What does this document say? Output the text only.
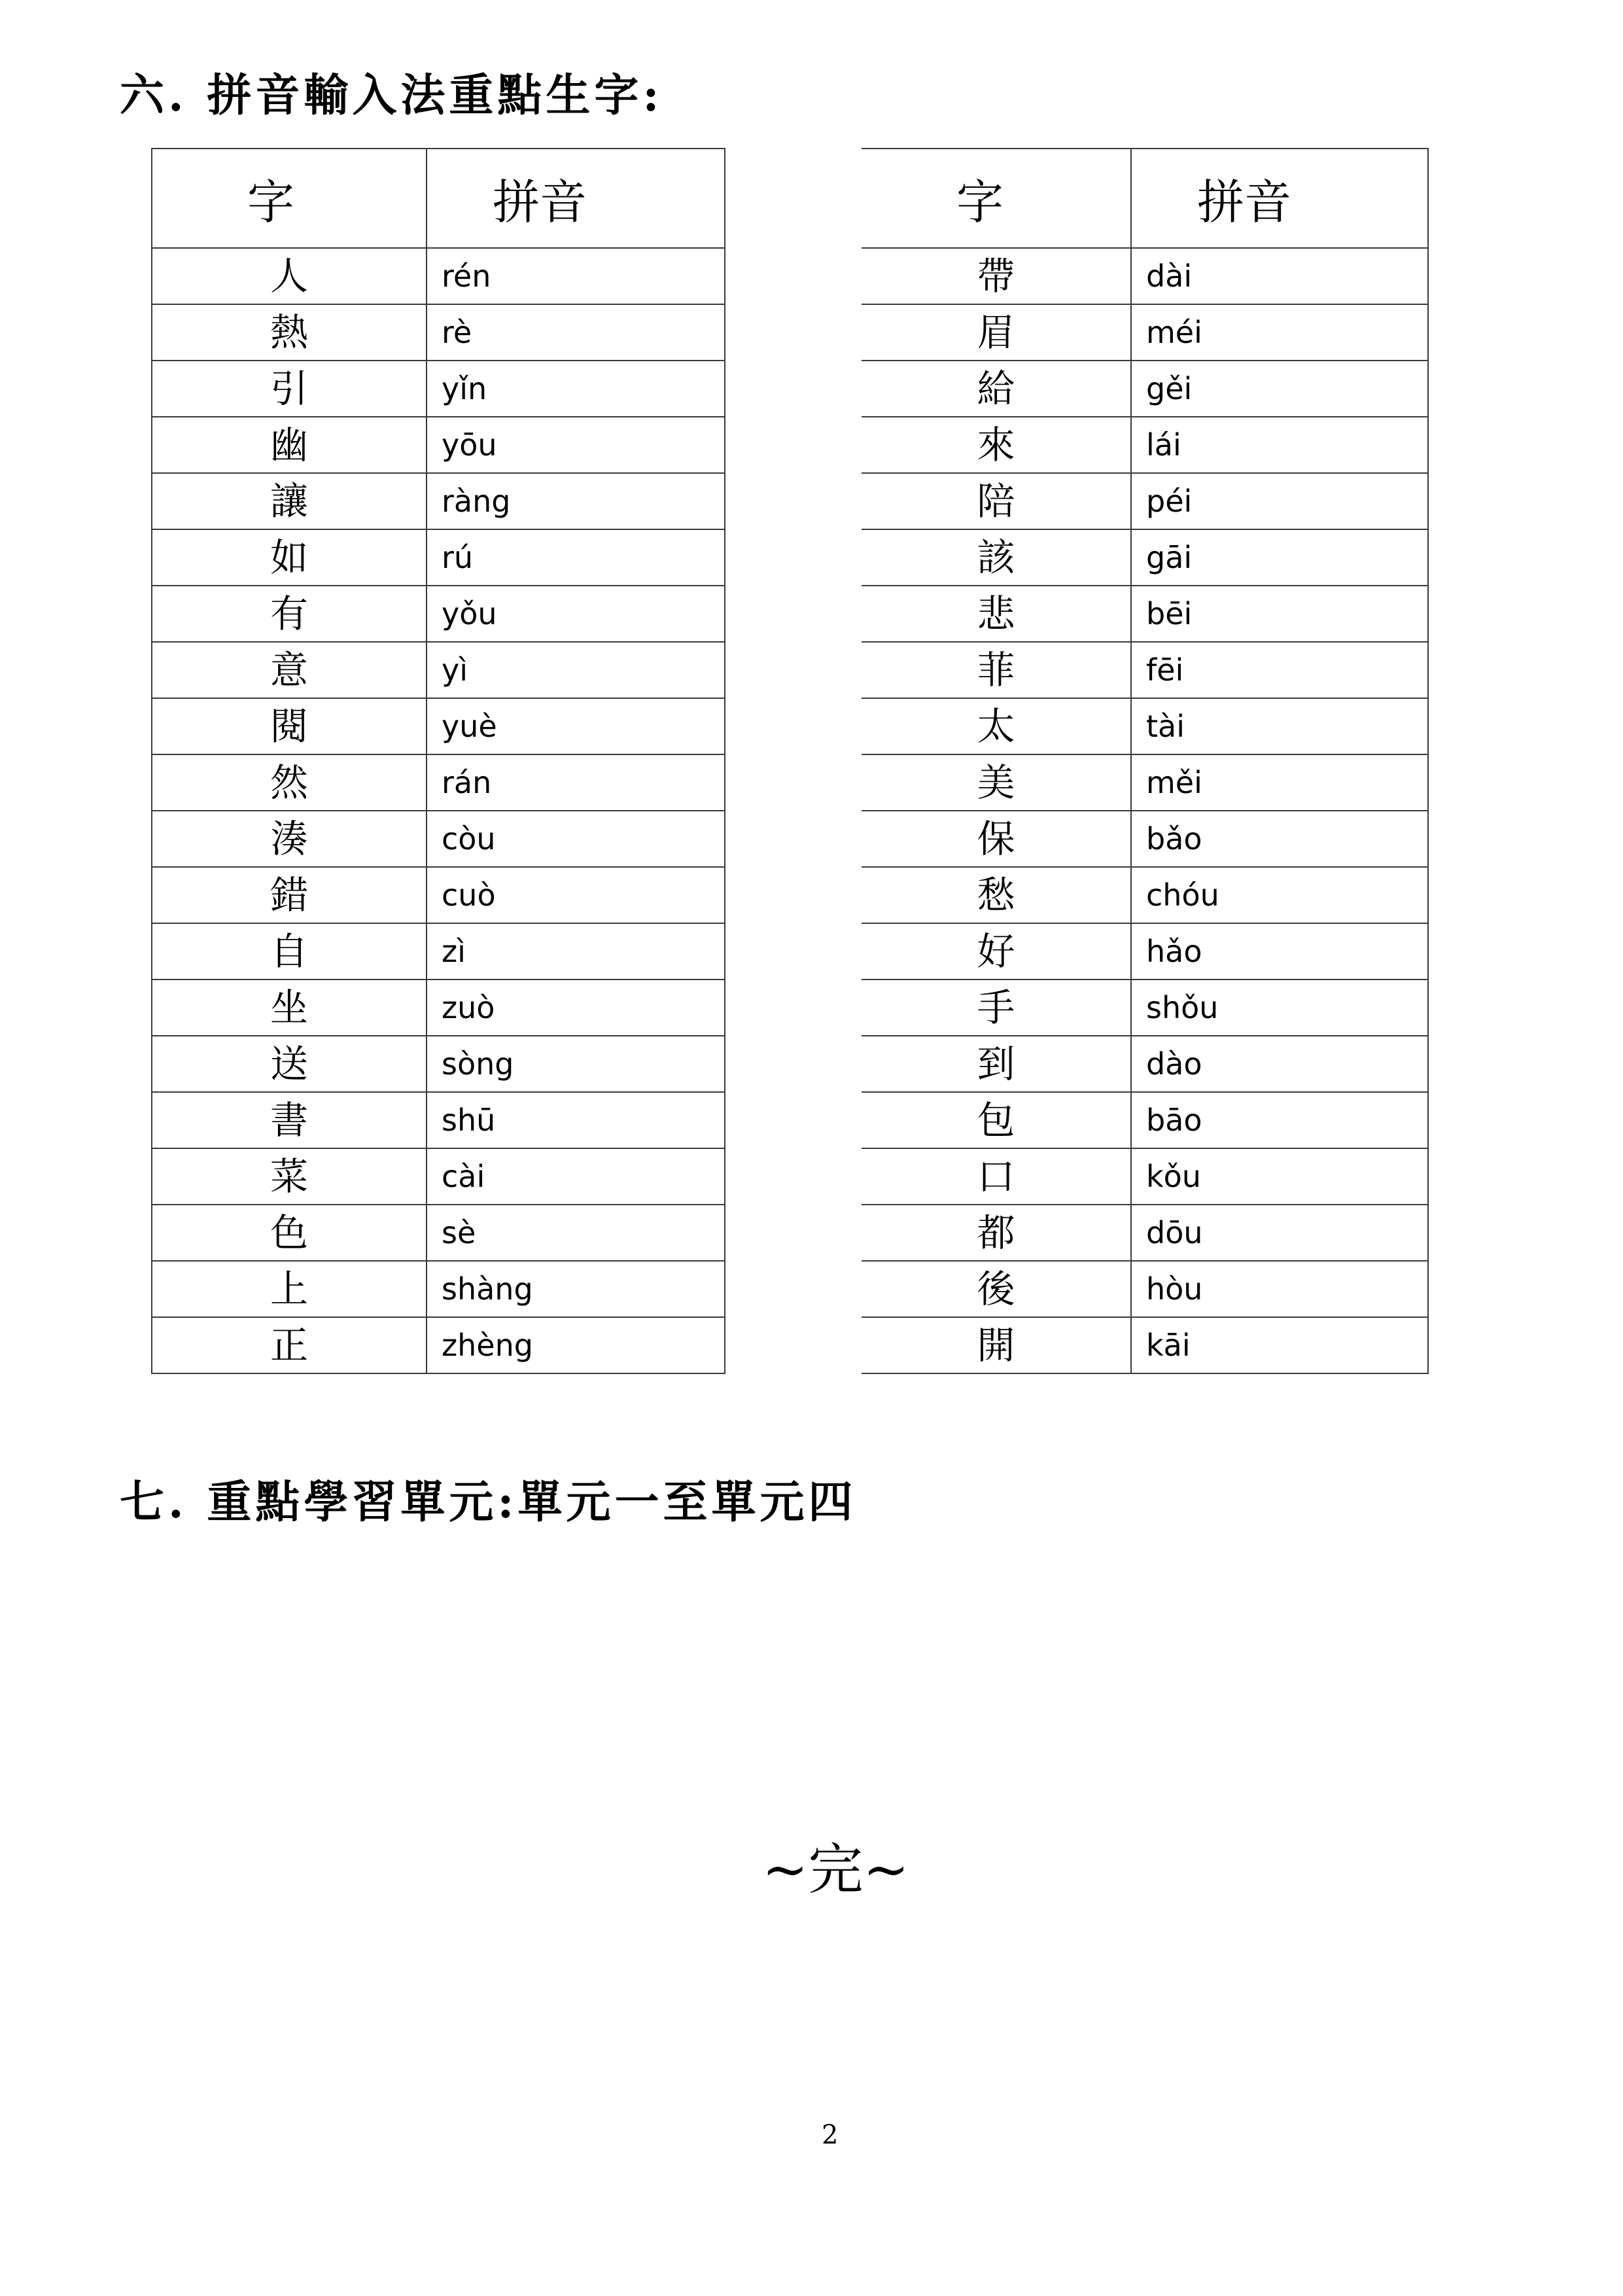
六. 拼音輸入法重點生字:
字	拼音
人	rén
熱	rè
引	yǐn
幽	yōu
讓	ràng
如	rú
有	yǒu
意	yì
閱	yuè
然	rán
湊	còu
錯	cuò
自	zì
坐	zuò
送	sòng
書	shū
菜	cài
色	sè
上	shàng
正	zhèng
字	拼音
帶	dài
眉	méi
給	gěi
來	lái
陪	péi
該	gāi
悲	bēi
菲	fēi
太	tài
美	měi
保	bǎo
愁	chóu
好	hǎo
手	shǒu
到	dào
包	bāo
口	kǒu
都	dōu
後	hòu
開	kāi
七. 重點學習單元:單元一至單元四
~完~
2
